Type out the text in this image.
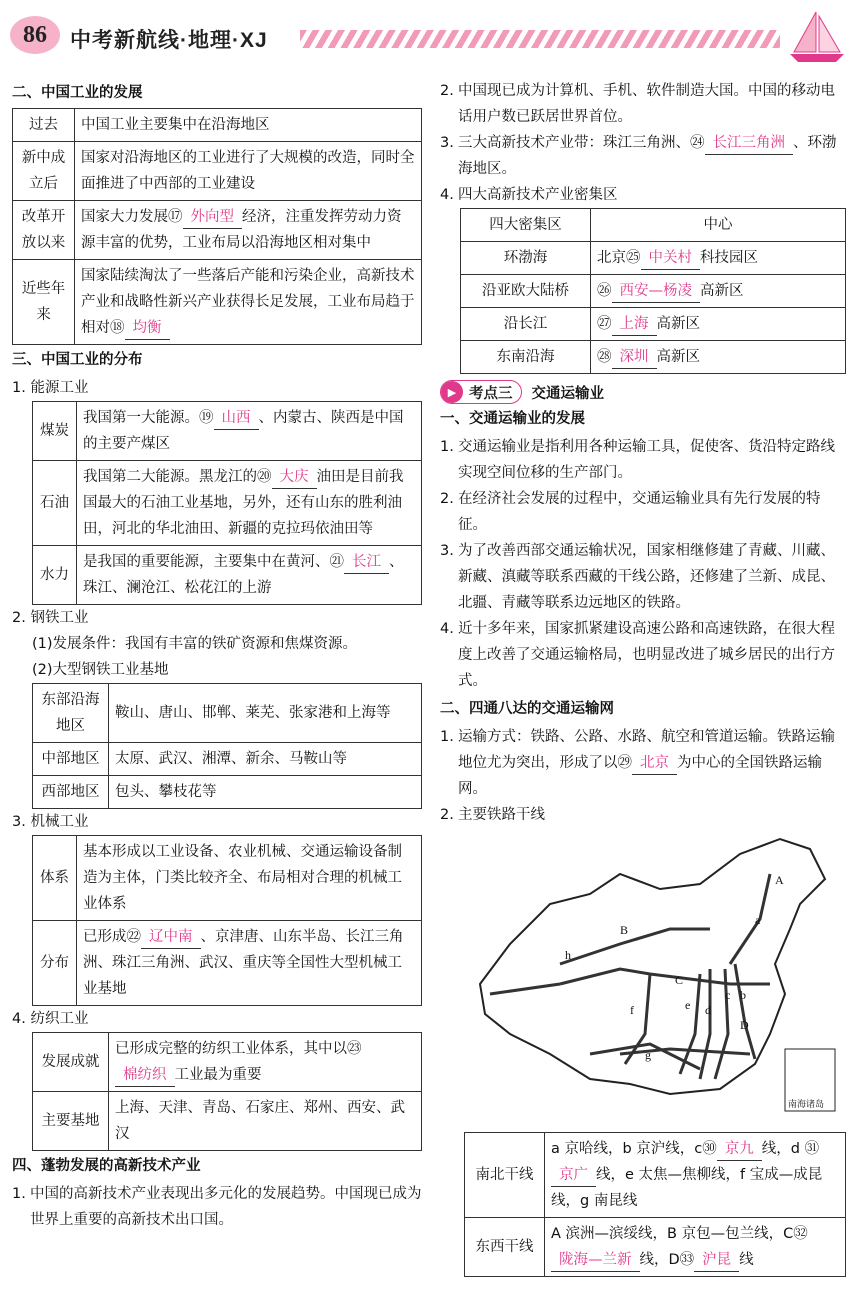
86	中考新航线·地理·XJ
二、中国工业的发展
过去	中国工业主要集中在沿海地区
新中成立后	国家对沿海地区的工业进行了大规模的改造，同时全面推进了中西部的工业建设
改革开放以来	国家大力发展⑰ 外向型 经济，注重发挥劳动力资源丰富的优势，工业布局以沿海地区相对集中
近些年来	国家陆续淘汰了一些落后产能和污染企业，高新技术产业和战略性新兴产业获得长足发展，工业布局趋于相对⑱ 均衡
三、中国工业的分布

1. 能源工业

煤炭	我国第一大能源。⑲ 山西 、内蒙古、陕西是中国的主要产煤区
石油	我国第二大能源。黑龙江的⑳ 大庆 油田是目前我国最大的石油工业基地，另外，还有山东的胜利油田，河北的华北油田、新疆的克拉玛依油田等
水力	是我国的重要能源，主要集中在黄河、㉑ 长江 、珠江、澜沧江、松花江的上游

2. 钢铁工业

(1)发展条件：我国有丰富的铁矿资源和焦煤资源。

(2)大型钢铁工业基地

东部沿海地区	鞍山、唐山、邯郸、莱芜、张家港和上海等
中部地区	太原、武汉、湘潭、新余、马鞍山等
西部地区	包头、攀枝花等

3. 机械工业

体系	基本形成以工业设备、农业机械、交通运输设备制造为主体，门类比较齐全、布局相对合理的机械工业体系
分布	已形成㉒ 辽中南 、京津唐、山东半岛、长江三角洲、珠江三角洲、武汉、重庆等全国性大型机械工业基地

4. 纺织工业

发展成就	已形成完整的纺织工业体系，其中以㉓棉纺织 工业最为重要
主要基地	上海、天津、青岛、石家庄、郑州、西安、武汉
四、蓬勃发展的高新技术产业
1. 中国的高新技术产业表现出多元化的发展趋势。中国现已成为世界上重要的高新技术出口国。
2. 中国现已成为计算机、手机、软件制造大国。中国的移动电话用户数已跃居世界首位。
3. 三大高新技术产业带：珠江三角洲、㉔ 长江三角洲 、环渤海地区。
4. 四大高新技术产业密集区
四大密集区	中心
环渤海	北京㉕ 中关村 科技园区
沿亚欧大陆桥	㉖ 西安—杨凌 高新区
沿长江	㉗ 上海 高新区
东南沿海	㉘ 深圳 高新区
▶ 考点三 交通运输业
一、交通运输业的发展
1. 交通运输业是指利用各种运输工具，促使客、货沿特定路线实现空间位移的生产部门。
2. 在经济社会发展的过程中，交通运输业具有先行发展的特征。
3. 为了改善西部交通运输状况，国家相继修建了青藏、川藏、新藏、滇藏等联系西藏的干线公路，还修建了兰新、成昆、北疆、青藏等联系边远地区的铁路。
4. 近十多年来，国家抓紧建设高速公路和高速铁路，在很大程度上改善了交通运输格局，也明显改进了城乡居民的出行方式。
二、四通八达的交通运输网
1. 运输方式：铁路、公路、水路、航空和管道运输。铁路运输地位尤为突出，形成了以㉙ 北京 为中心的全国铁路运输网。
2. 主要铁路干线
A
B
C
D
a
b
c
d
e
f
g
h
南海诸岛
南北干线	a 京哈线，b 京沪线，c㉚ 京九 线，d ㉛京广 线，e 太焦—焦柳线，f 宝成—成昆线，g 南昆线
东西干线	A 滨洲—滨绥线，B 京包—包兰线，C㉜陇海—兰新 线，D㉝ 沪昆 线
